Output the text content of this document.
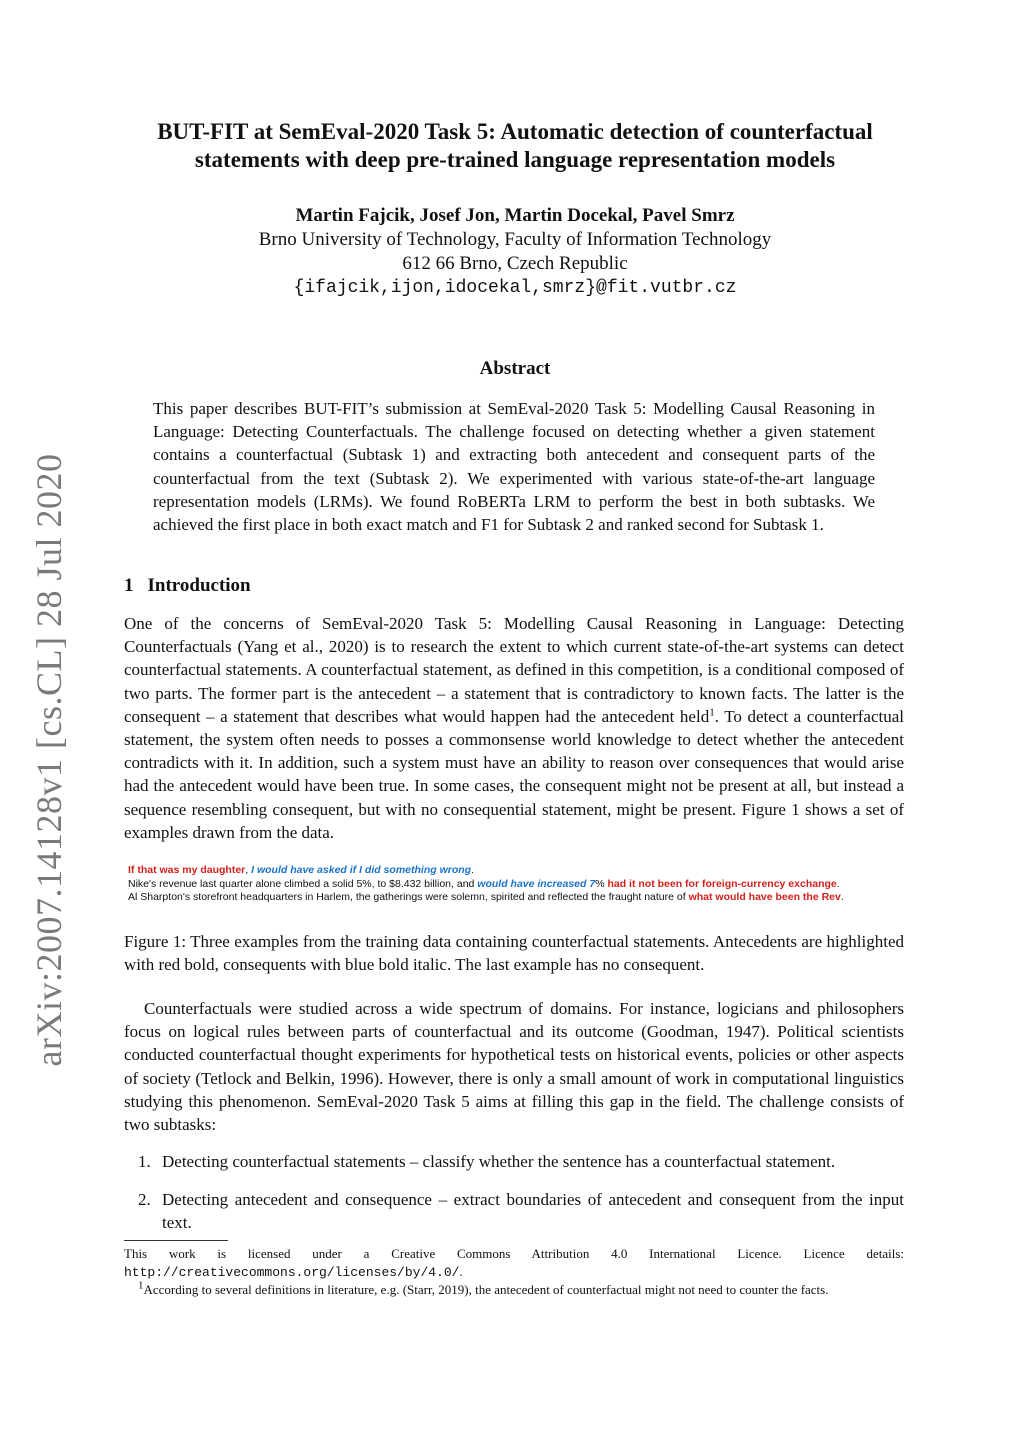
arXiv:2007.14128v1 [cs.CL] 28 Jul 2020
BUT-FIT at SemEval-2020 Task 5: Automatic detection of counterfactual
statements with deep pre-trained language representation models
Martin Fajcik, Josef Jon, Martin Docekal, Pavel Smrz
Brno University of Technology, Faculty of Information Technology
612 66 Brno, Czech Republic
{ifajcik,ijon,idocekal,smrz}@fit.vutbr.cz
Abstract
This paper describes BUT-FIT’s submission at SemEval-2020 Task 5: Modelling Causal Reasoning in Language: Detecting Counterfactuals. The challenge focused on detecting whether a given statement contains a counterfactual (Subtask 1) and extracting both antecedent and consequent parts of the counterfactual from the text (Subtask 2). We experimented with various state-of-the-art language representation models (LRMs). We found RoBERTa LRM to perform the best in both subtasks. We achieved the first place in both exact match and F1 for Subtask 2 and ranked second for Subtask 1.
1 Introduction
One of the concerns of SemEval-2020 Task 5: Modelling Causal Reasoning in Language: Detecting Counterfactuals (Yang et al., 2020) is to research the extent to which current state-of-the-art systems can detect counterfactual statements. A counterfactual statement, as defined in this competition, is a conditional composed of two parts. The former part is the antecedent – a statement that is contradictory to known facts. The latter is the consequent – a statement that describes what would happen had the antecedent held$^1$. To detect a counterfactual statement, the system often needs to posses a commonsense world knowledge to detect whether the antecedent contradicts with it. In addition, such a system must have an ability to reason over consequences that would arise had the antecedent would have been true. In some cases, the consequent might not be present at all, but instead a sequence resembling consequent, but with no consequential statement, might be present. Figure 1 shows a set of examples drawn from the data.
If that was my daughter, I would have asked if I did something wrong.
Nike's revenue last quarter alone climbed a solid 5%, to $8.432 billion, and would have increased 7% had it not been for foreign-currency exchange.
Al Sharpton's storefront headquarters in Harlem, the gatherings were solemn, spirited and reflected the fraught nature of what would have been the Rev.
Figure 1: Three examples from the training data containing counterfactual statements. Antecedents are highlighted with red bold, consequents with blue bold italic. The last example has no consequent.
Counterfactuals were studied across a wide spectrum of domains. For instance, logicians and philosophers focus on logical rules between parts of counterfactual and its outcome (Goodman, 1947). Political scientists conducted counterfactual thought experiments for hypothetical tests on historical events, policies or other aspects of society (Tetlock and Belkin, 1996). However, there is only a small amount of work in computational linguistics studying this phenomenon. SemEval-2020 Task 5 aims at filling this gap in the field. The challenge consists of two subtasks:
1. Detecting counterfactual statements – classify whether the sentence has a counterfactual statement.
2. Detecting antecedent and consequence – extract boundaries of antecedent and consequent from the input text.

This work is licensed under a Creative Commons Attribution 4.0 International Licence. Licence details: http://creativecommons.org/licenses/by/4.0/.

$^1$According to several definitions in literature, e.g. (Starr, 2019), the antecedent of counterfactual might not need to counter the facts.
